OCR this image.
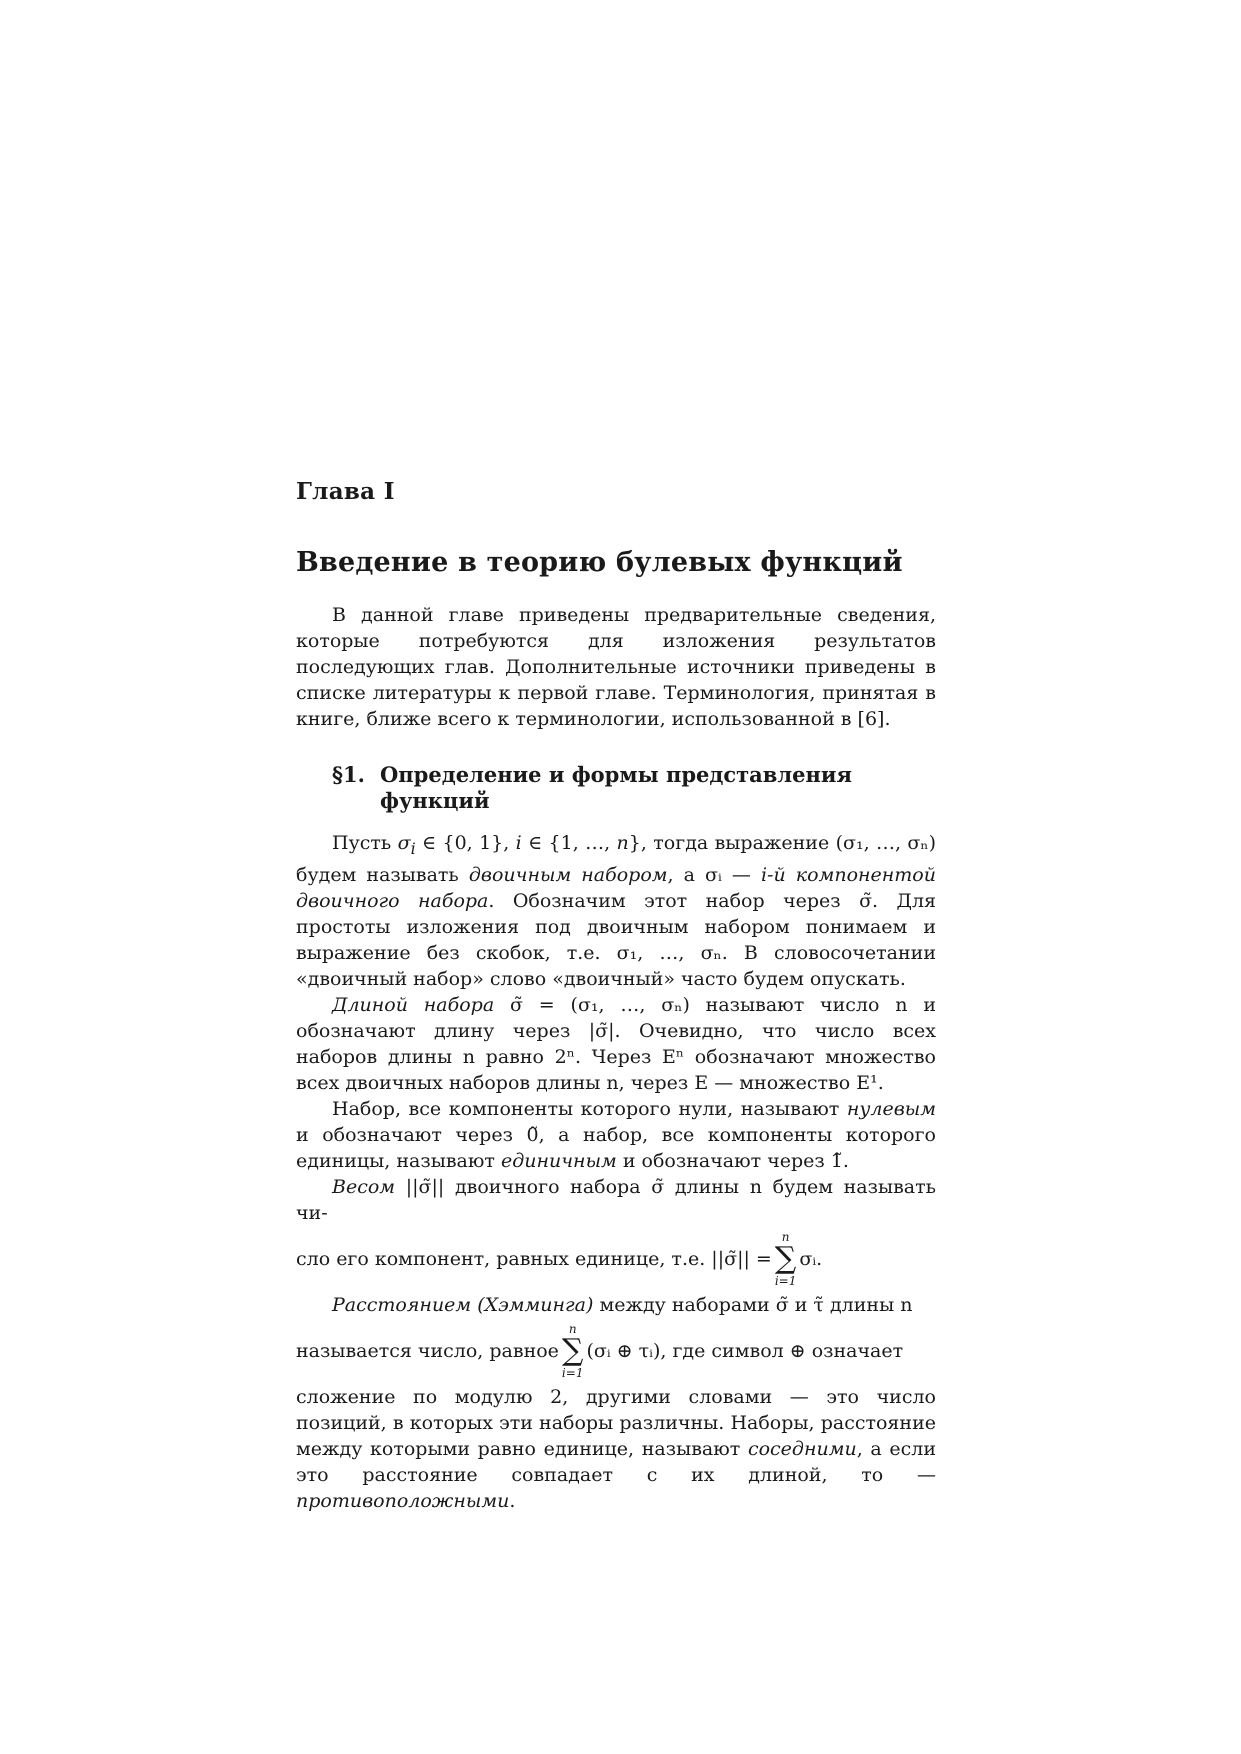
Глава I
Введение в теорию булевых функций

В данной главе приведены предварительные сведения, которые потребуются для изложения результатов последующих глав. Дополнительные источники приведены в списке литературы к первой главе. Терминология, принятая в книге, ближе всего к терминологии, использованной в [6].

§1. Определение и формы представления
функций

Пусть $\sigma_i$ ∈ {0, 1}, i ∈ {1, …, n}, тогда выражение (σ₁, …, σₙ) будем называть двоичным набором, а σᵢ — i-й компонентой двоичного набора. Обозначим этот набор через σ̃. Для простоты изложения под двоичным набором понимаем и выражение без скобок, т.е. σ₁, …, σₙ. В словосочетании «двоичный набор» слово «двоичный» часто будем опускать.

Длиной набора σ̃ = (σ₁, …, σₙ) называют число n и обозначают длину через |σ̃|. Очевидно, что число всех наборов длины n равно 2ⁿ. Через Eⁿ обозначают множество всех двоичных наборов длины n, через E — множество E¹.

Набор, все компоненты которого нули, называют нулевым и обозначают через 0̃, а набор, все компоненты которого единицы, называют единичным и обозначают через 1̃.

Весом ||σ̃|| двоичного набора σ̃ длины n будем называть чи-

сло его компонент, равных единице, т.е. ||σ̃|| =
n
∑
i=1
σᵢ.

Расстоянием (Хэмминга) между наборами σ̃ и τ̃ длины n

называется число, равное
n
∑
i=1
(σᵢ ⊕ τᵢ), где символ ⊕ означает

сложение по модулю 2, другими словами — это число позиций, в которых эти наборы различны. Наборы, расстояние между которыми равно единице, называют соседними, а если это расстояние совпадает с их длиной, то — противоположными.
